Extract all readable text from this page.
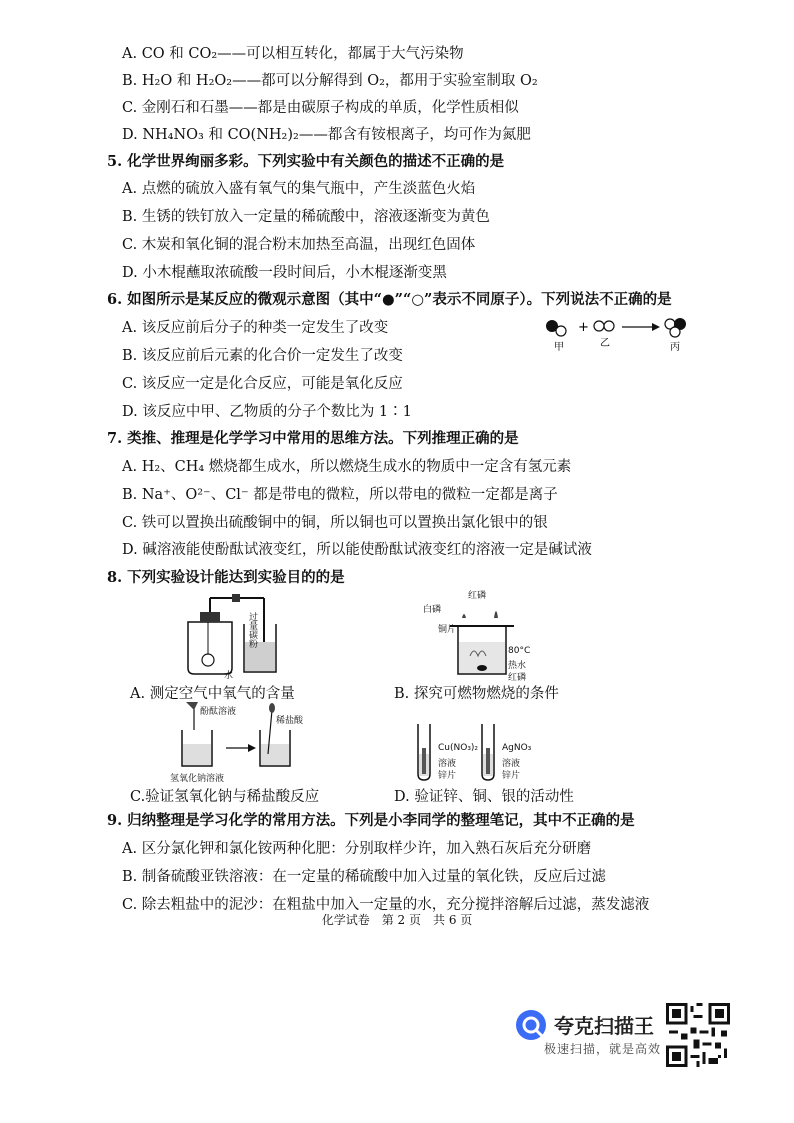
A. CO 和 CO₂——可以相互转化，都属于大气污染物
B. H₂O 和 H₂O₂——都可以分解得到 O₂，都用于实验室制取 O₂
C. 金刚石和石墨——都是由碳原子构成的单质，化学性质相似
D. NH₄NO₃ 和 CO(NH₂)₂——都含有铵根离子，均可作为氮肥
5. 化学世界绚丽多彩。下列实验中有关颜色的描述不正确的是
A. 点燃的硫放入盛有氧气的集气瓶中，产生淡蓝色火焰
B. 生锈的铁钉放入一定量的稀硫酸中，溶液逐渐变为黄色
C. 木炭和氧化铜的混合粉末加热至高温，出现红色固体
D. 小木棍蘸取浓硫酸一段时间后，小木棍逐渐变黑
6. 如图所示是某反应的微观示意图（其中“●”“○”表示不同原子）。下列说法不正确的是
A. 该反应前后分子的种类一定发生了改变
B. 该反应前后元素的化合价一定发生了改变
C. 该反应一定是化合反应，可能是氧化反应
D. 该反应中甲、乙物质的分子个数比为 1∶1
+
甲	乙	丙
7. 类推、推理是化学学习中常用的思维方法。下列推理正确的是
A. H₂、CH₄ 燃烧都生成水，所以燃烧生成水的物质中一定含有氢元素
B. Na⁺、O²⁻、Cl⁻ 都是带电的微粒，所以带电的微粒一定都是离子
C. 铁可以置换出硫酸铜中的铜，所以铜也可以置换出氯化银中的银
D. 碱溶液能使酚酞试液变红，所以能使酚酞试液变红的溶液一定是碱试液
8. 下列实验设计能达到实验目的的是
过量碳粉
水
A. 测定空气中氧气的含量
红磷
白磷
铜片
80°C
热水
红磷
B. 探究可燃物燃烧的条件
酚酞溶液
稀盐酸
氢氧化钠溶液
C.验证氢氧化钠与稀盐酸反应
Cu(NO₃)₂
溶液
锌片
AgNO₃
溶液
锌片
D. 验证锌、铜、银的活动性
9. 归纳整理是学习化学的常用方法。下列是小李同学的整理笔记，其中不正确的是
A. 区分氯化钾和氯化铵两种化肥：分别取样少许，加入熟石灰后充分研磨
B. 制备硫酸亚铁溶液：在一定量的稀硫酸中加入过量的氧化铁，反应后过滤
C. 除去粗盐中的泥沙：在粗盐中加入一定量的水，充分搅拌溶解后过滤，蒸发滤液
化学试卷　第 2 页　共 6 页
夸克扫描王
极速扫描，就是高效
